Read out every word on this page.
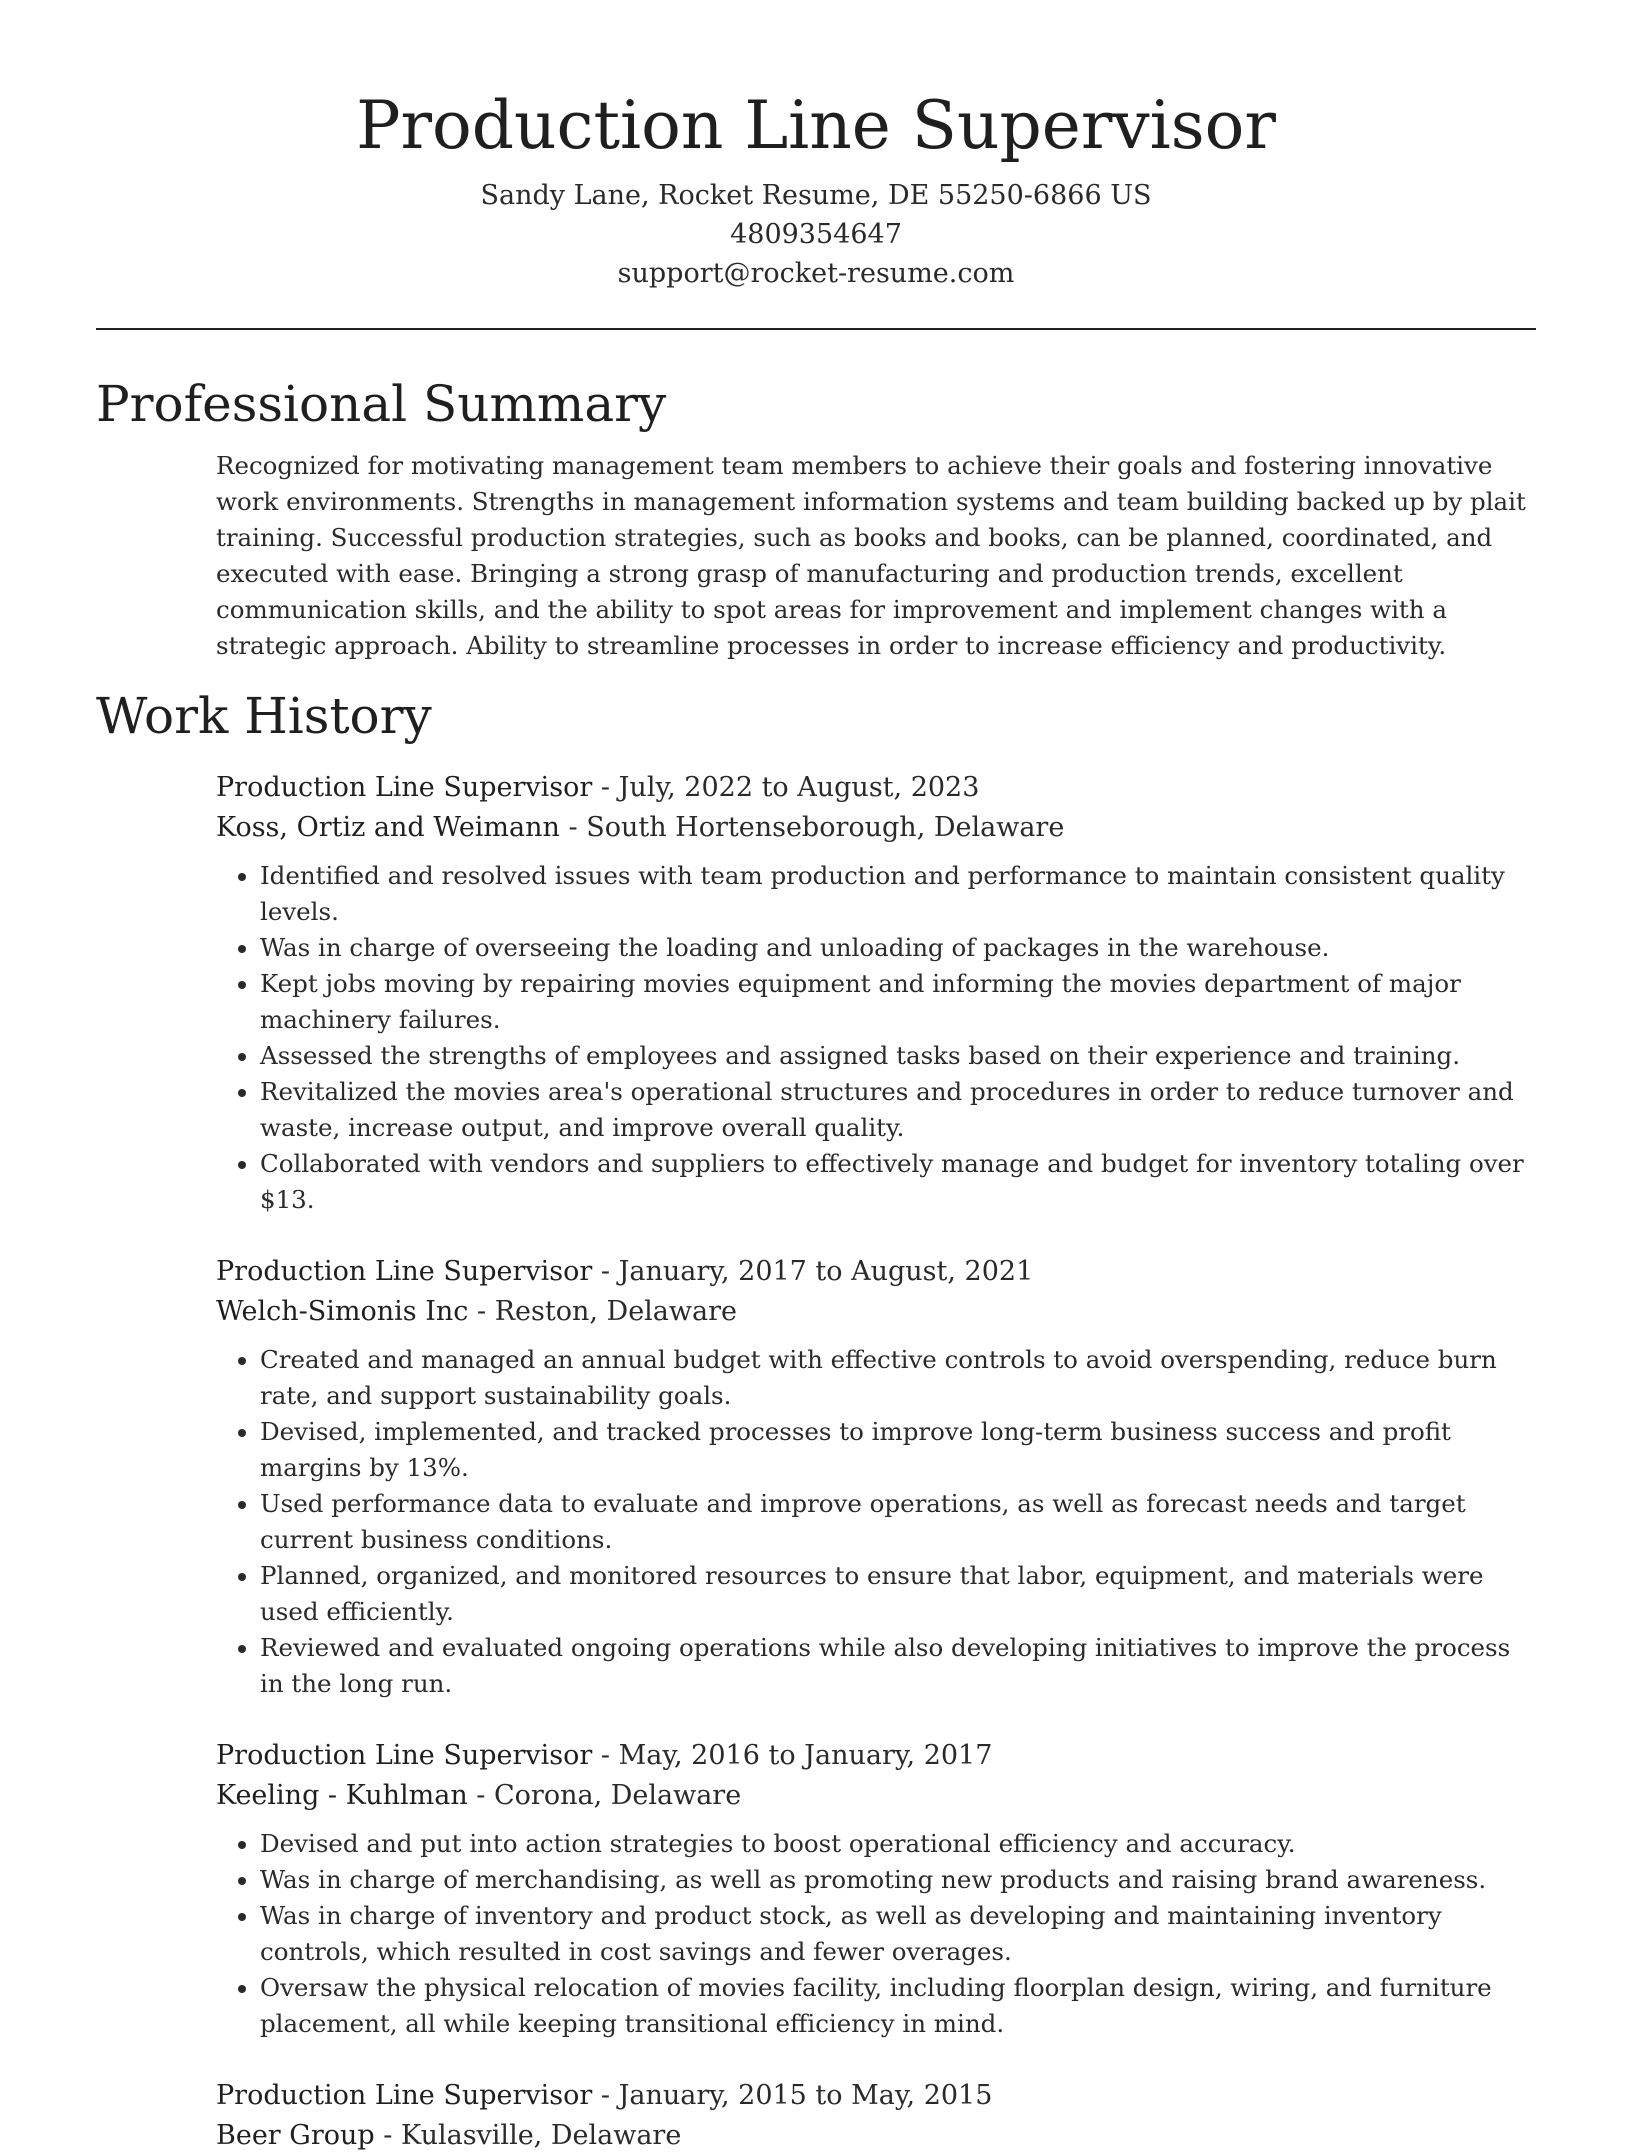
Production Line Supervisor
Sandy Lane, Rocket Resume, DE 55250-6866 US
4809354647
support@rocket-resume.com
Professional Summary

Recognized for motivating management team members to achieve their goals and fostering innovative work environments. Strengths in management information systems and team building backed up by plait training. Successful production strategies, such as books and books, can be planned, coordinated, and executed with ease. Bringing a strong grasp of manufacturing and production trends, excellent communication skills, and the ability to spot areas for improvement and implement changes with a strategic approach. Ability to streamline processes in order to increase efficiency and productivity.

Work History
Production Line Supervisor - July, 2022 to August, 2023
Koss, Ortiz and Weimann - South Hortenseborough, Delaware
• Identified and resolved issues with team production and performance to maintain consistent quality levels.
• Was in charge of overseeing the loading and unloading of packages in the warehouse.
• Kept jobs moving by repairing movies equipment and informing the movies department of major machinery failures.
• Assessed the strengths of employees and assigned tasks based on their experience and training.
• Revitalized the movies area's operational structures and procedures in order to reduce turnover and waste, increase output, and improve overall quality.
• Collaborated with vendors and suppliers to effectively manage and budget for inventory totaling over $13.
Production Line Supervisor - January, 2017 to August, 2021
Welch-Simonis Inc - Reston, Delaware
• Created and managed an annual budget with effective controls to avoid overspending, reduce burn rate, and support sustainability goals.
• Devised, implemented, and tracked processes to improve long-term business success and profit margins by 13%.
• Used performance data to evaluate and improve operations, as well as forecast needs and target current business conditions.
• Planned, organized, and monitored resources to ensure that labor, equipment, and materials were used efficiently.
• Reviewed and evaluated ongoing operations while also developing initiatives to improve the process in the long run.
Production Line Supervisor - May, 2016 to January, 2017
Keeling - Kuhlman - Corona, Delaware
• Devised and put into action strategies to boost operational efficiency and accuracy.
• Was in charge of merchandising, as well as promoting new products and raising brand awareness.
• Was in charge of inventory and product stock, as well as developing and maintaining inventory controls, which resulted in cost savings and fewer overages.
• Oversaw the physical relocation of movies facility, including floorplan design, wiring, and furniture placement, all while keeping transitional efficiency in mind.
Production Line Supervisor - January, 2015 to May, 2015
Beer Group - Kulasville, Delaware
